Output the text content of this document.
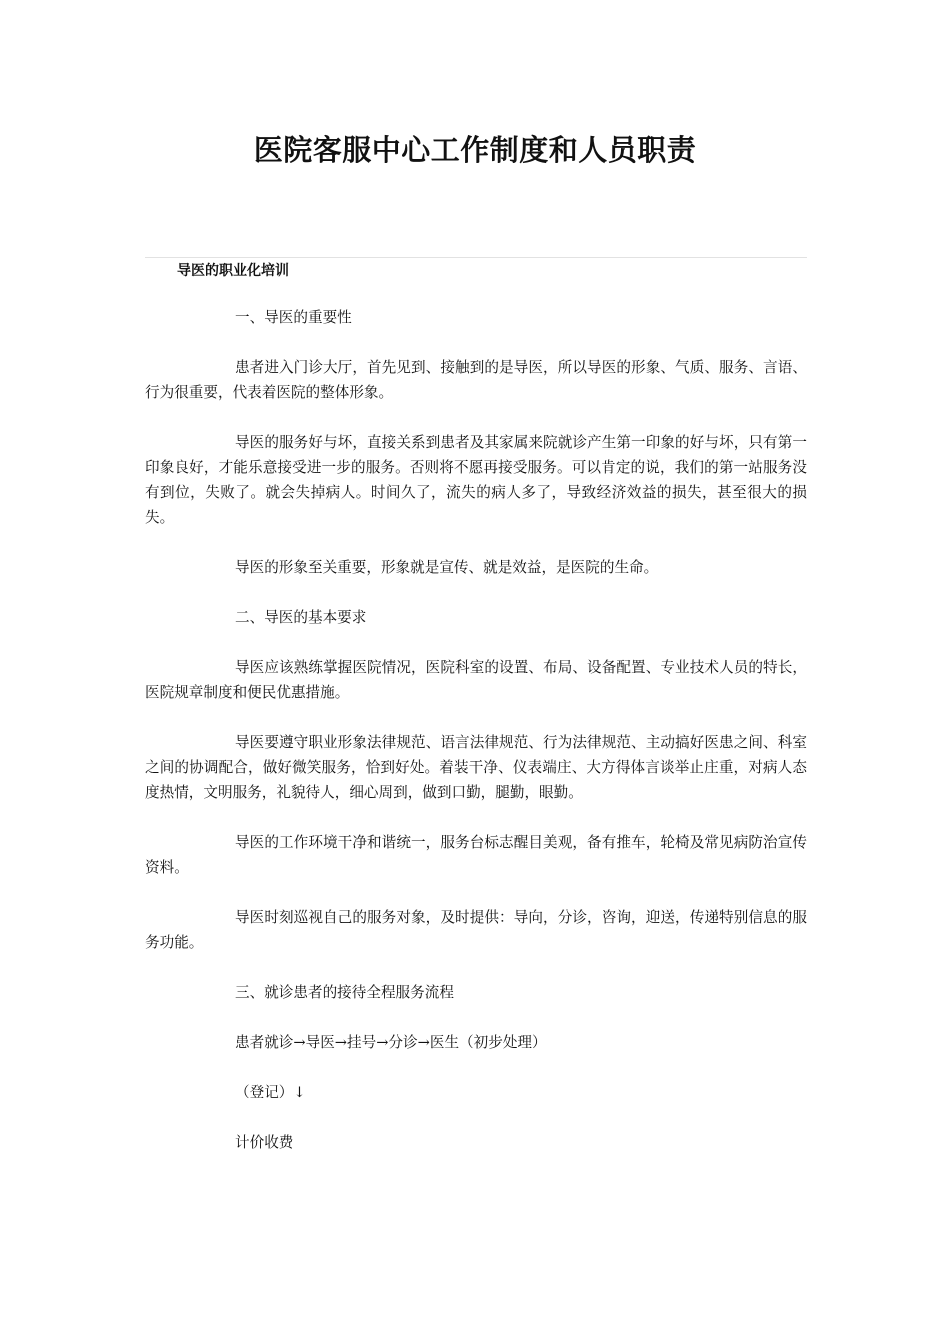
医院客服中心工作制度和人员职责
导医的职业化培训

一、导医的重要性

患者进入门诊大厅，首先见到、接触到的是导医，所以导医的形象、气质、服务、言语、行为很重要，代表着医院的整体形象。

导医的服务好与坏，直接关系到患者及其家属来院就诊产生第一印象的好与坏，只有第一印象良好，才能乐意接受进一步的服务。否则将不愿再接受服务。可以肯定的说，我们的第一站服务没有到位，失败了。就会失掉病人。时间久了，流失的病人多了，导致经济效益的损失，甚至很大的损失。

导医的形象至关重要，形象就是宣传、就是效益，是医院的生命。

二、导医的基本要求

导医应该熟练掌握医院情况，医院科室的设置、布局、设备配置、专业技术人员的特长，医院规章制度和便民优惠措施。

导医要遵守职业形象法律规范、语言法律规范、行为法律规范、主动搞好医患之间、科室之间的协调配合，做好微笑服务，恰到好处。着装干净、仪表端庄、大方得体言谈举止庄重，对病人态度热情，文明服务，礼貌待人，细心周到，做到口勤，腿勤，眼勤。

导医的工作环境干净和谐统一，服务台标志醒目美观，备有推车，轮椅及常见病防治宣传资料。

导医时刻巡视自己的服务对象，及时提供：导向，分诊，咨询，迎送，传递特别信息的服务功能。

三、就诊患者的接待全程服务流程

患者就诊→导医→挂号→分诊→医生（初步处理）

（登记）↓

计价收费
